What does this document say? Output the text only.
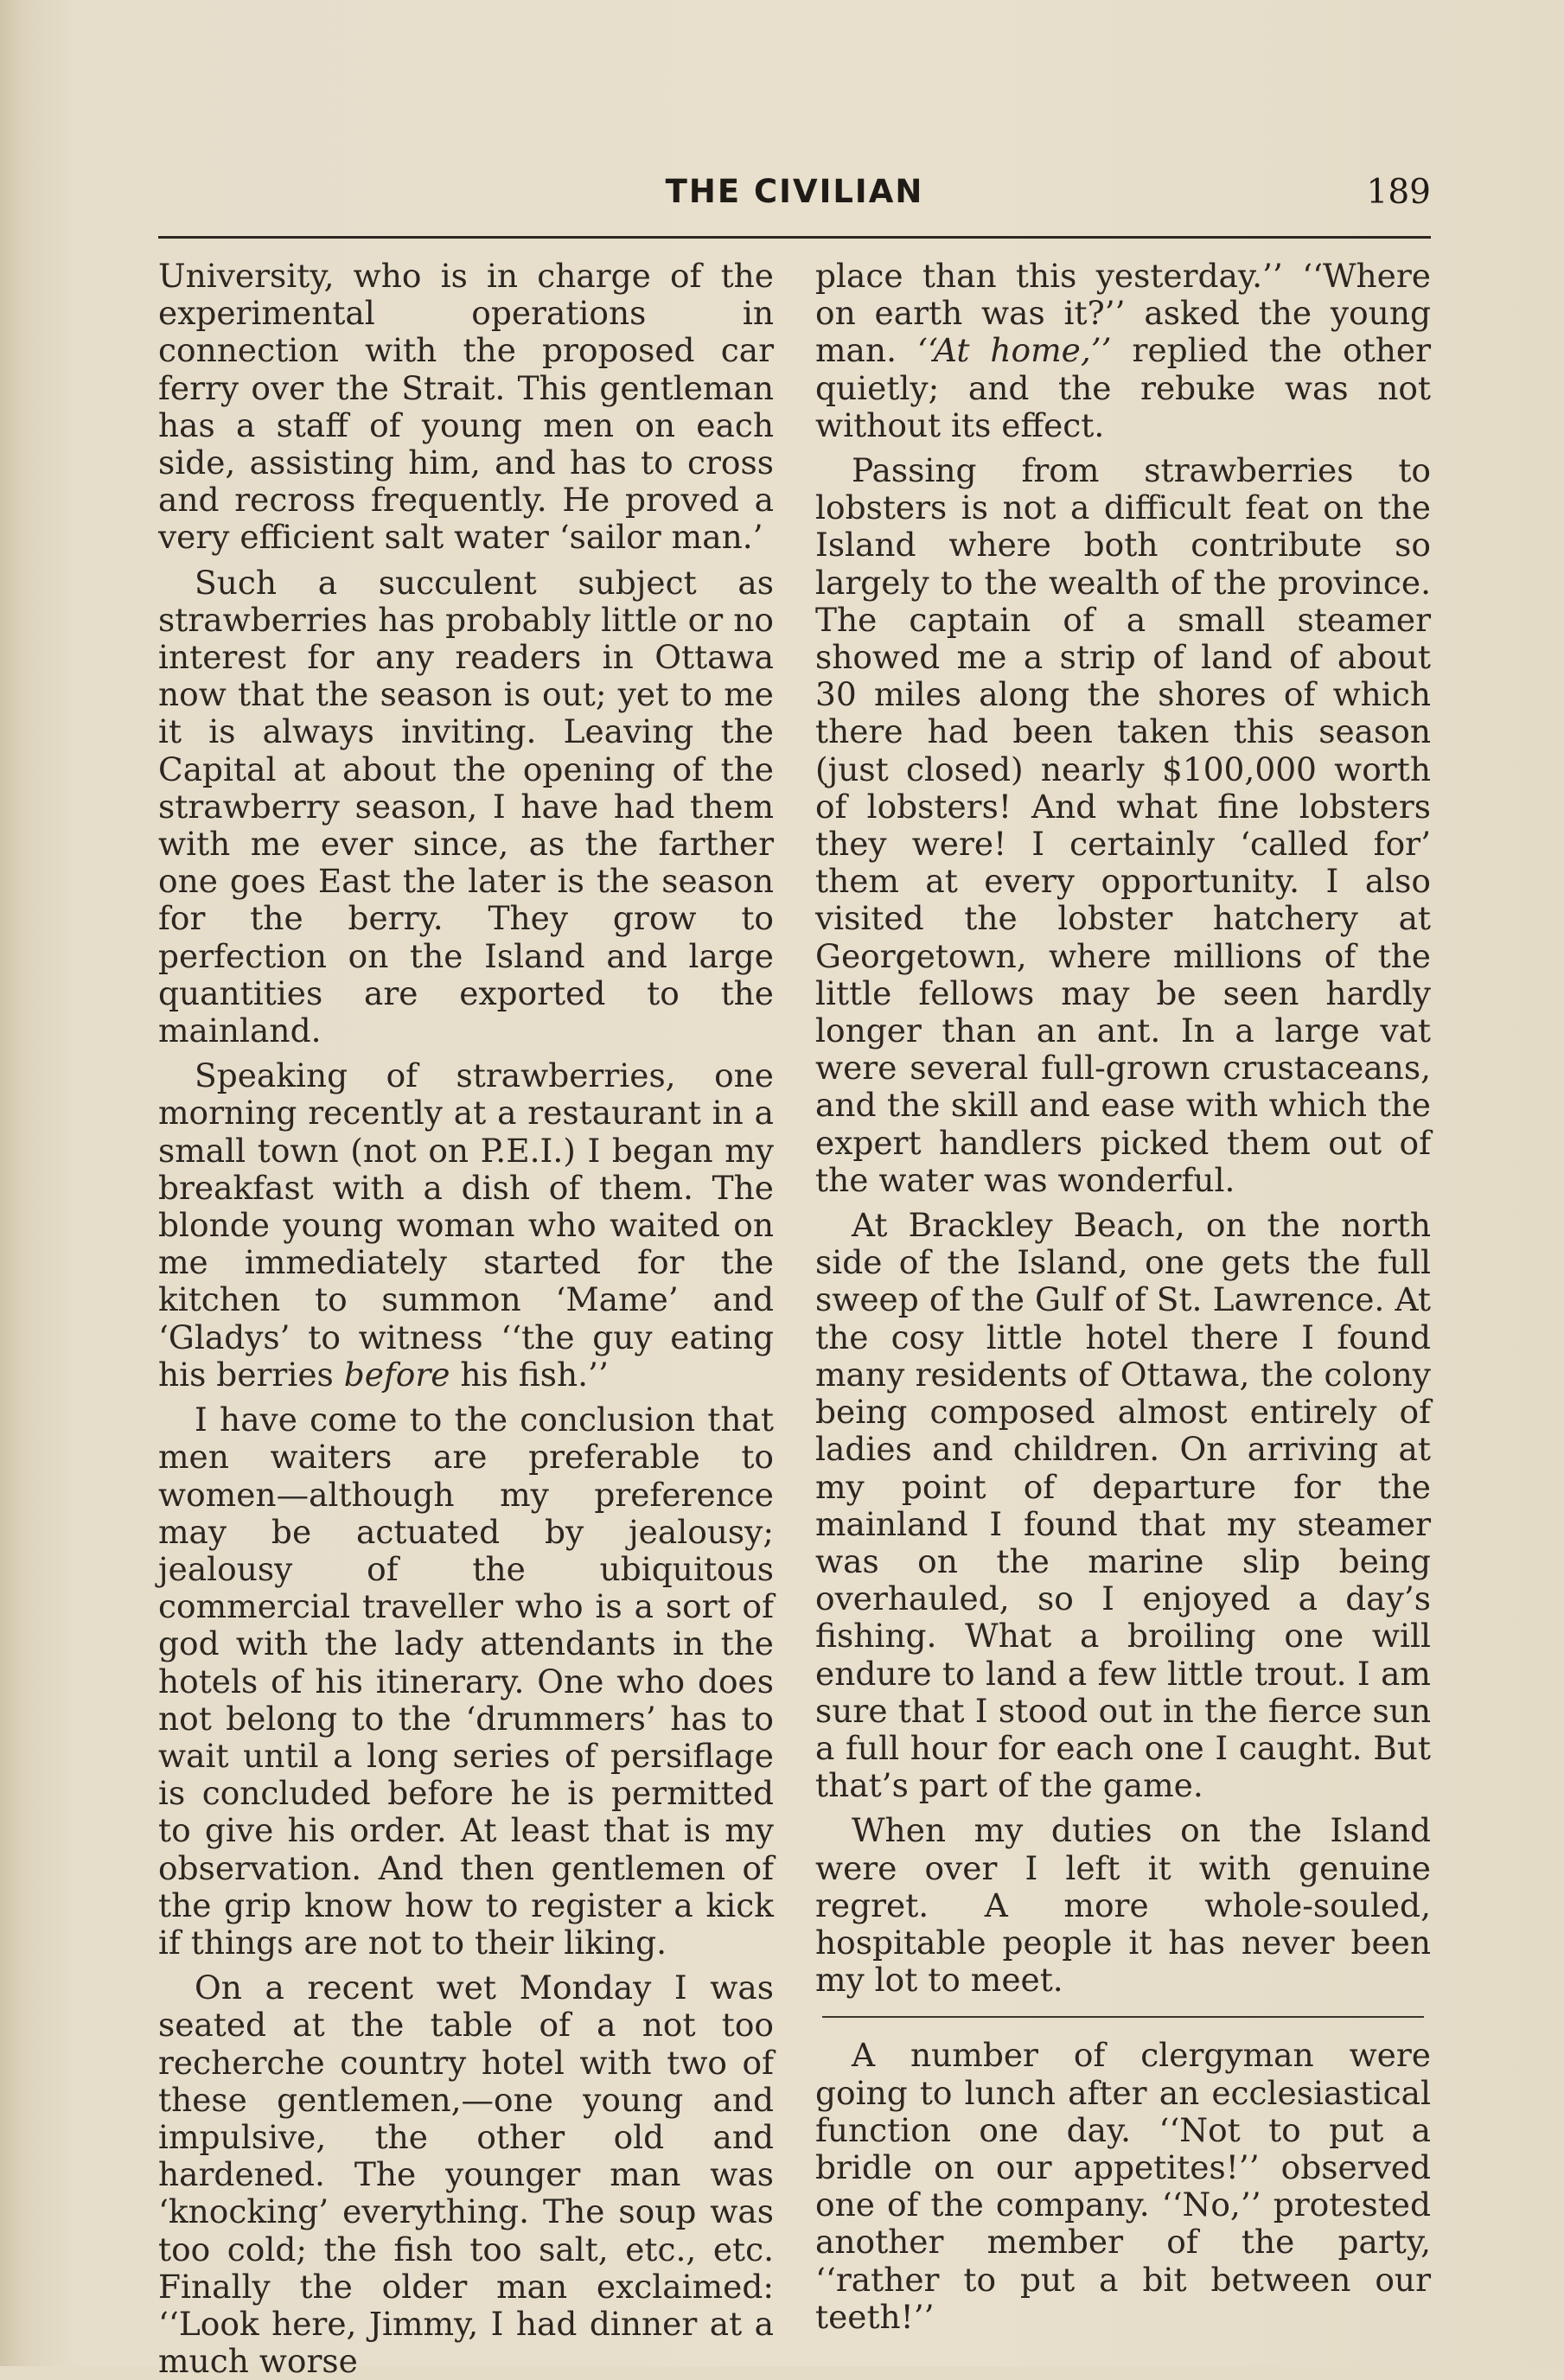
THE CIVILIAN	189

University, who is in charge of the experimental operations in connection with the proposed car ferry over the Strait. This gentleman has a staff of young men on each side, assisting him, and has to cross and recross frequently. He proved a very efficient salt water ‘sailor man.’

Such a succulent subject as strawberries has probably little or no interest for any readers in Ottawa now that the season is out; yet to me it is always inviting. Leaving the Capital at about the opening of the strawberry season, I have had them with me ever since, as the farther one goes East the later is the season for the berry. They grow to perfection on the Island and large quantities are exported to the mainland.

Speaking of strawberries, one morning recently at a restaurant in a small town (not on P.E.I.) I began my breakfast with a dish of them. The blonde young woman who waited on me immediately started for the kitchen to summon ‘Mame’ and ‘Gladys’ to witness ‘‘the guy eating his berries before his fish.’’

I have come to the conclusion that men waiters are preferable to women—although my preference may be actuated by jealousy; jealousy of the ubiquitous commercial traveller who is a sort of god with the lady attendants in the hotels of his itinerary. One who does not belong to the ‘drummers’ has to wait until a long series of persiflage is concluded before he is permitted to give his order. At least that is my observation. And then gentlemen of the grip know how to register a kick if things are not to their liking.

On a recent wet Monday I was seated at the table of a not too recherche country hotel with two of these gentlemen,—one young and impulsive, the other old and hardened. The younger man was ‘knocking’ everything. The soup was too cold; the fish too salt, etc., etc. Finally the older man exclaimed: ‘‘Look here, Jimmy, I had dinner at a much worse

place than this yesterday.’’ ‘‘Where on earth was it?’’ asked the young man. ‘‘At home,’’ replied the other quietly; and the rebuke was not without its effect.

Passing from strawberries to lobsters is not a difficult feat on the Island where both contribute so largely to the wealth of the province. The captain of a small steamer showed me a strip of land of about 30 miles along the shores of which there had been taken this season (just closed) nearly $100,000 worth of lobsters! And what fine lobsters they were! I certainly ‘called for’ them at every opportunity. I also visited the lobster hatchery at Georgetown, where millions of the little fellows may be seen hardly longer than an ant. In a large vat were several full-grown crustaceans, and the skill and ease with which the expert handlers picked them out of the water was wonderful.

At Brackley Beach, on the north side of the Island, one gets the full sweep of the Gulf of St. Lawrence. At the cosy little hotel there I found many residents of Ottawa, the colony being composed almost entirely of ladies and children. On arriving at my point of departure for the mainland I found that my steamer was on the marine slip being overhauled, so I enjoyed a day’s fishing. What a broiling one will endure to land a few little trout. I am sure that I stood out in the fierce sun a full hour for each one I caught. But that’s part of the game.

When my duties on the Island were over I left it with genuine regret. A more whole-souled, hospitable people it has never been my lot to meet.

A number of clergyman were going to lunch after an ecclesiastical function one day. ‘‘Not to put a bridle on our appetites!’’ observed one of the company. ‘‘No,’’ protested another member of the party, ‘‘rather to put a bit between our teeth!’’
